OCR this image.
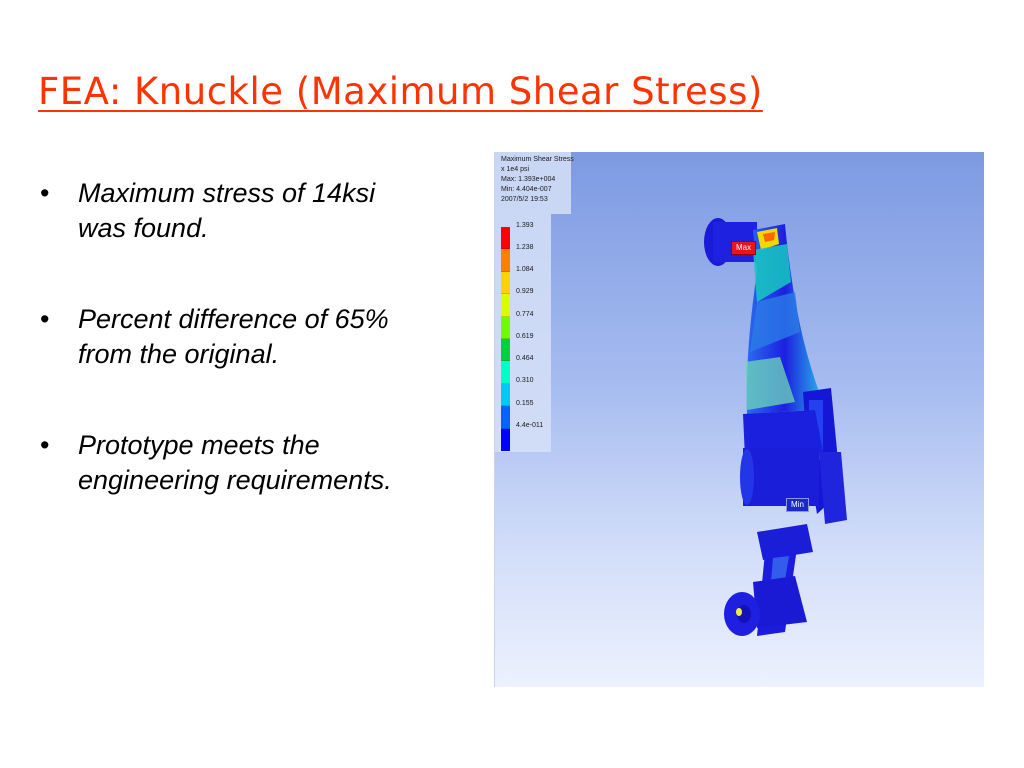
FEA: Knuckle (Maximum Shear Stress)
• Maximum stress of 14ksi was found.
• Percent difference of 65% from the original.
• Prototype meets the engineering requirements.
Maximum Shear Stress
x 1e4 psi
Max: 1.393e+004
Min: 4.404e-007
2007/5/2 19:53
1.393
1.238
1.084
0.929
0.774
0.619
0.464
0.310
0.155
4.4e-011
Max
Min
